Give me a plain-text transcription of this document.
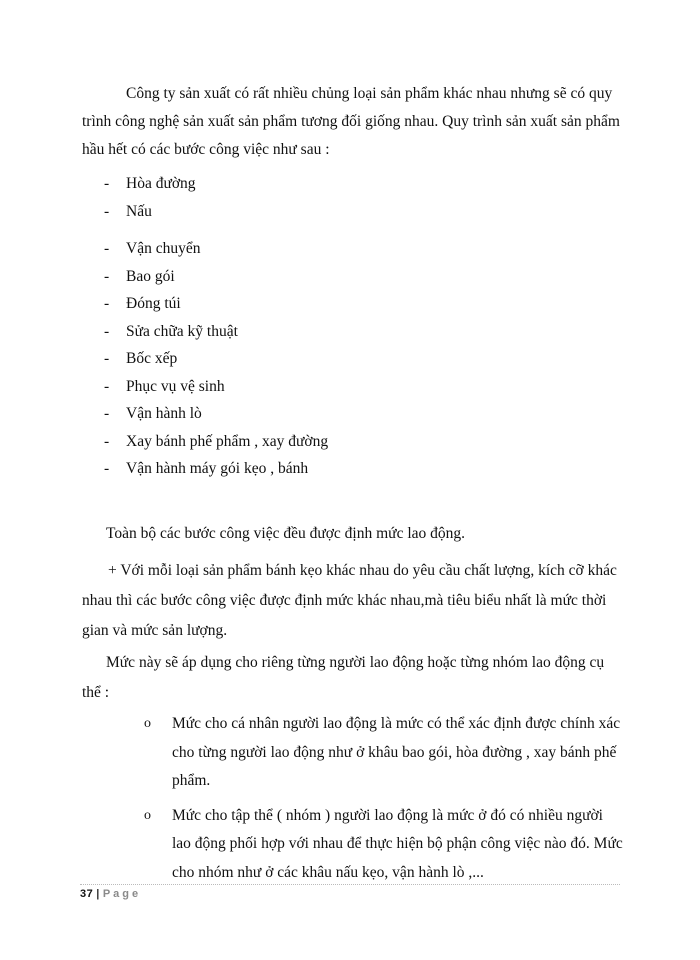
Công ty sản xuất có rất nhiều chủng loại sản phẩm khác nhau nhưng sẽ có quy trình công nghệ sản xuất sản phẩm tương đối giống nhau. Quy trình sản xuất sản phẩm hầu hết có các bước công việc như sau :

- Hòa đường
- Nấu
- Vận chuyển
- Bao gói
- Đóng túi
- Sửa chữa kỹ thuật
- Bốc xếp
- Phục vụ vệ sinh
- Vận hành lò
- Xay bánh phế phẩm , xay đường
- Vận hành máy gói kẹo , bánh

Toàn bộ các bước công việc đều được định mức lao động.

+ Với mỗi loại sản phẩm bánh kẹo khác nhau do yêu cầu chất lượng, kích cỡ khác nhau thì các bước công việc được định mức khác nhau,mà tiêu biểu nhất là mức thời gian và mức sản lượng.

Mức này sẽ áp dụng cho riêng từng người lao động hoặc từng nhóm lao động cụ thể :

o Mức cho cá nhân người lao động là mức có thể xác định được chính xác cho từng người lao động như ở khâu bao gói, hòa đường , xay bánh phế phẩm.
o Mức cho tập thể ( nhóm ) người lao động là mức ở đó có nhiều người lao động phối hợp với nhau để thực hiện bộ phận công việc nào đó. Mức cho nhóm như ở các khâu nấu kẹo, vận hành lò ,...
37 | Page
